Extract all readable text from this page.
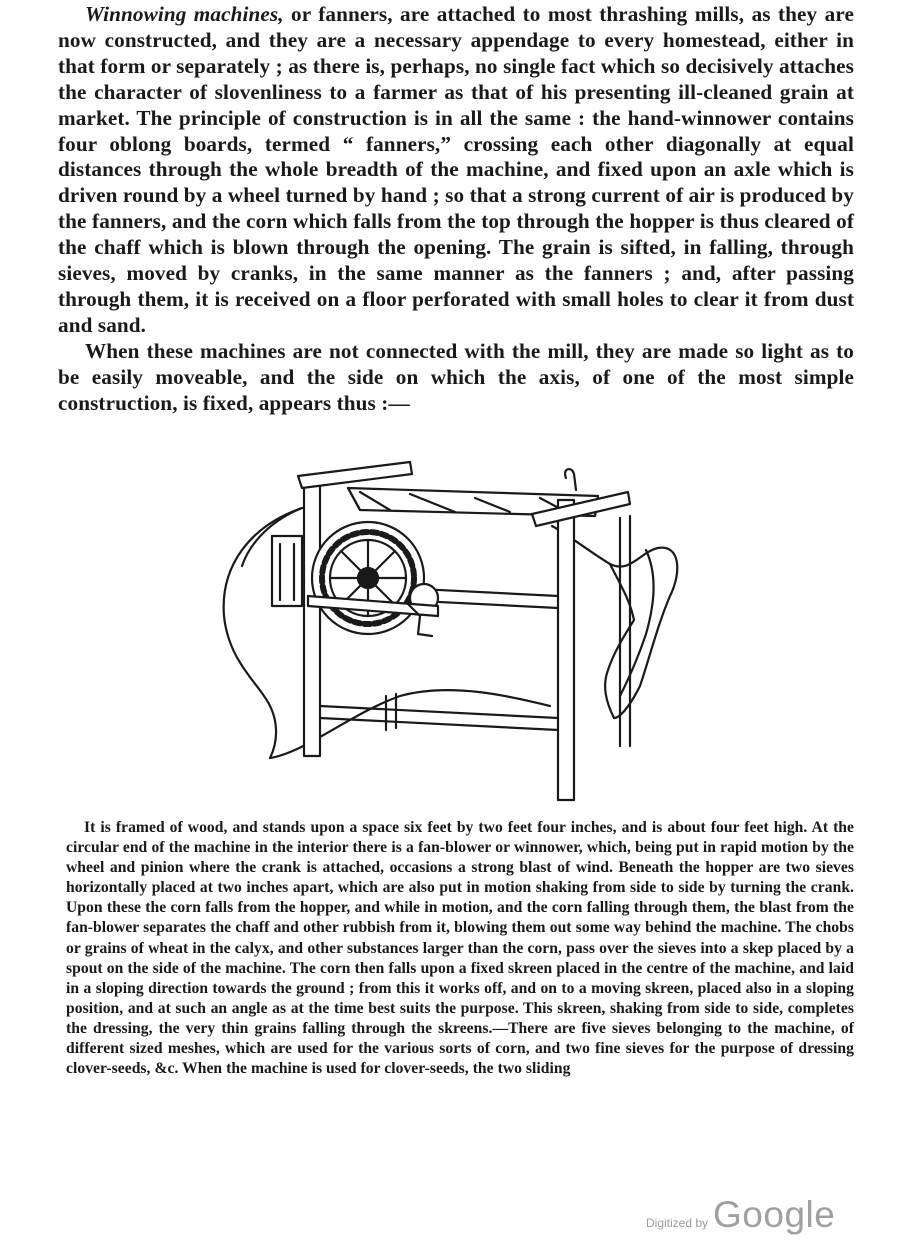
Winnowing machines, or fanners, are attached to most thrashing mills, as they are now constructed, and they are a necessary appendage to every homestead, either in that form or separately ; as there is, perhaps, no single fact which so decisively attaches the character of slovenliness to a farmer as that of his presenting ill-cleaned grain at market. The principle of construction is in all the same : the hand-winnower contains four oblong boards, termed “ fanners,” crossing each other diagonally at equal distances through the whole breadth of the machine, and fixed upon an axle which is driven round by a wheel turned by hand ; so that a strong current of air is produced by the fanners, and the corn which falls from the top through the hopper is thus cleared of the chaff which is blown through the opening. The grain is sifted, in falling, through sieves, moved by cranks, in the same manner as the fanners ; and, after passing through them, it is received on a floor perforated with small holes to clear it from dust and sand.

When these machines are not connected with the mill, they are made so light as to be easily moveable, and the side on which the axis, of one of the most simple construction, is fixed, appears thus :—

It is framed of wood, and stands upon a space six feet by two feet four inches, and is about four feet high. At the circular end of the machine in the interior there is a fan-blower or winnower, which, being put in rapid motion by the wheel and pinion where the crank is attached, occasions a strong blast of wind. Beneath the hopper are two sieves horizontally placed at two inches apart, which are also put in motion shaking from side to side by turning the crank. Upon these the corn falls from the hopper, and while in motion, and the corn falling through them, the blast from the fan-blower separates the chaff and other rubbish from it, blowing them out some way behind the machine. The chobs or grains of wheat in the calyx, and other substances larger than the corn, pass over the sieves into a skep placed by a spout on the side of the machine. The corn then falls upon a fixed skreen placed in the centre of the machine, and laid in a sloping direction towards the ground ; from this it works off, and on to a moving skreen, placed also in a sloping position, and at such an angle as at the time best suits the purpose. This skreen, shaking from side to side, completes the dressing, the very thin grains falling through the skreens.—There are five sieves belonging to the machine, of different sized meshes, which are used for the various sorts of corn, and two fine sieves for the purpose of dressing clover-seeds, &c. When the machine is used for clover-seeds, the two sliding

Digitized by Google
